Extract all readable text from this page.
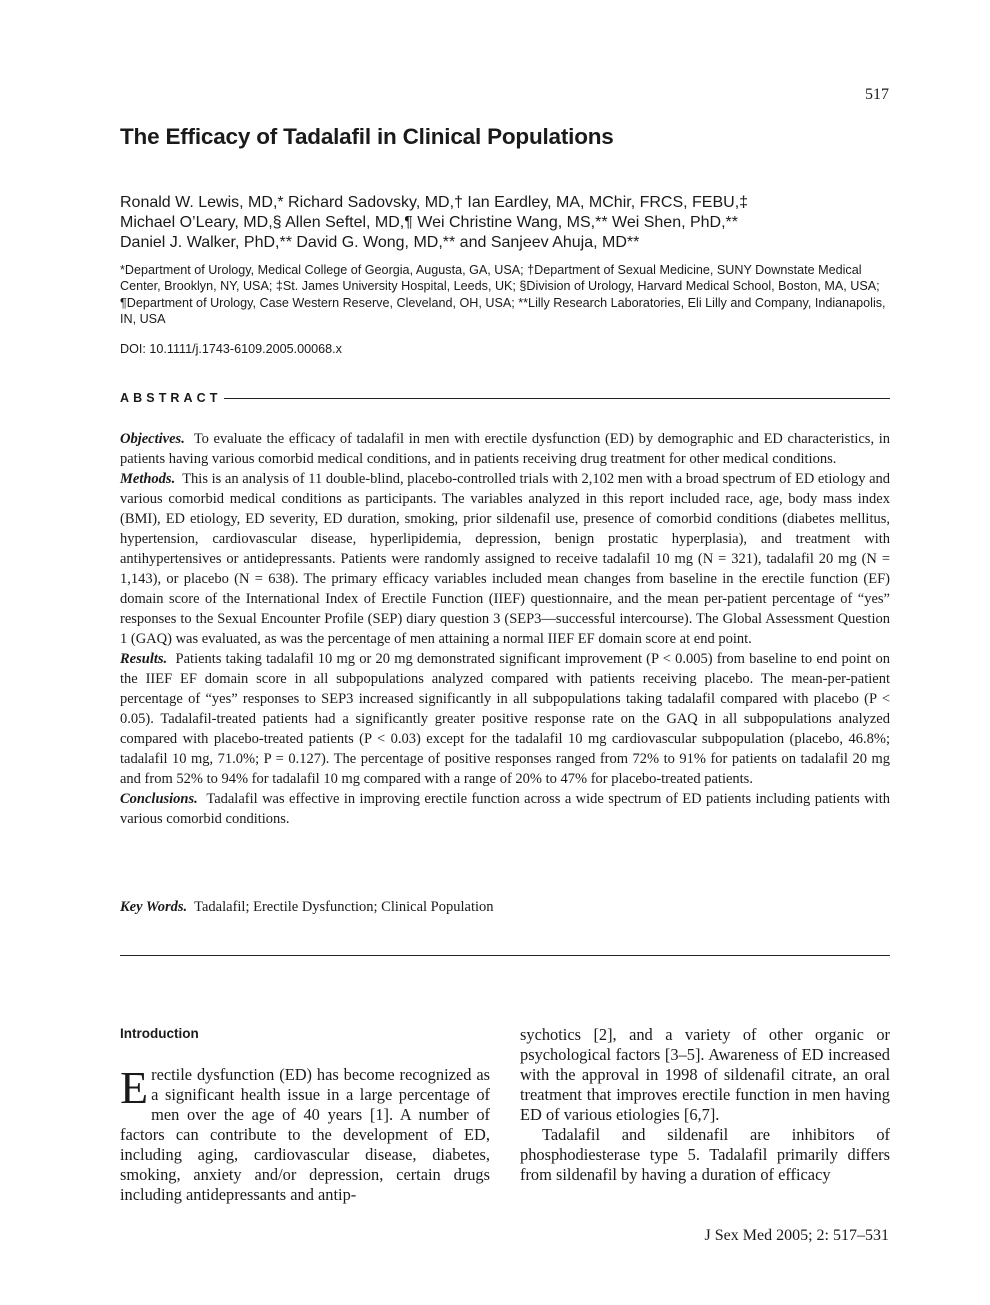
517
The Efficacy of Tadalafil in Clinical Populations
Ronald W. Lewis, MD,* Richard Sadovsky, MD,† Ian Eardley, MA, MChir, FRCS, FEBU,‡
Michael O’Leary, MD,§ Allen Seftel, MD,¶ Wei Christine Wang, MS,** Wei Shen, PhD,**
Daniel J. Walker, PhD,** David G. Wong, MD,** and Sanjeev Ahuja, MD**
*Department of Urology, Medical College of Georgia, Augusta, GA, USA; †Department of Sexual Medicine, SUNY Downstate Medical Center, Brooklyn, NY, USA; ‡St. James University Hospital, Leeds, UK; §Division of Urology, Harvard Medical School, Boston, MA, USA; ¶Department of Urology, Case Western Reserve, Cleveland, OH, USA; **Lilly Research Laboratories, Eli Lilly and Company, Indianapolis, IN, USA
DOI: 10.1111/j.1743-6109.2005.00068.x
ABSTRACT

Objectives. To evaluate the efficacy of tadalafil in men with erectile dysfunction (ED) by demographic and ED characteristics, in patients having various comorbid medical conditions, and in patients receiving drug treatment for other medical conditions.

Methods. This is an analysis of 11 double-blind, placebo-controlled trials with 2,102 men with a broad spectrum of ED etiology and various comorbid medical conditions as participants. The variables analyzed in this report included race, age, body mass index (BMI), ED etiology, ED severity, ED duration, smoking, prior sildenafil use, presence of comorbid conditions (diabetes mellitus, hypertension, cardiovascular disease, hyperlipidemia, depression, benign prostatic hyperplasia), and treatment with antihypertensives or antidepressants. Patients were randomly assigned to receive tadalafil 10 mg (N = 321), tadalafil 20 mg (N = 1,143), or placebo (N = 638). The primary efficacy variables included mean changes from baseline in the erectile function (EF) domain score of the International Index of Erectile Function (IIEF) questionnaire, and the mean per-patient percentage of “yes” responses to the Sexual Encounter Profile (SEP) diary question 3 (SEP3—successful intercourse). The Global Assessment Question 1 (GAQ) was evaluated, as was the percentage of men attaining a normal IIEF EF domain score at end point.

Results. Patients taking tadalafil 10 mg or 20 mg demonstrated significant improvement (P < 0.005) from baseline to end point on the IIEF EF domain score in all subpopulations analyzed compared with patients receiving placebo. The mean-per-patient percentage of “yes” responses to SEP3 increased significantly in all subpopulations taking tadalafil compared with placebo (P < 0.05). Tadalafil-treated patients had a significantly greater positive response rate on the GAQ in all subpopulations analyzed compared with placebo-treated patients (P < 0.03) except for the tadalafil 10 mg cardiovascular subpopulation (placebo, 46.8%; tadalafil 10 mg, 71.0%; P = 0.127). The percentage of positive responses ranged from 72% to 91% for patients on tadalafil 20 mg and from 52% to 94% for tadalafil 10 mg compared with a range of 20% to 47% for placebo-treated patients.

Conclusions. Tadalafil was effective in improving erectile function across a wide spectrum of ED patients including patients with various comorbid conditions.

Key Words. Tadalafil; Erectile Dysfunction; Clinical Population
Introduction

Erectile dysfunction (ED) has become recognized as a significant health issue in a large percentage of men over the age of 40 years [1]. A number of factors can contribute to the development of ED, including aging, cardiovascular disease, diabetes, smoking, anxiety and/or depression, certain drugs including antidepressants and antip-

sychotics [2], and a variety of other organic or psychological factors [3–5]. Awareness of ED increased with the approval in 1998 of sildenafil citrate, an oral treatment that improves erectile function in men having ED of various etiologies [6,7].

Tadalafil and sildenafil are inhibitors of phosphodiesterase type 5. Tadalafil primarily differs from sildenafil by having a duration of efficacy

J Sex Med 2005; 2: 517–531
